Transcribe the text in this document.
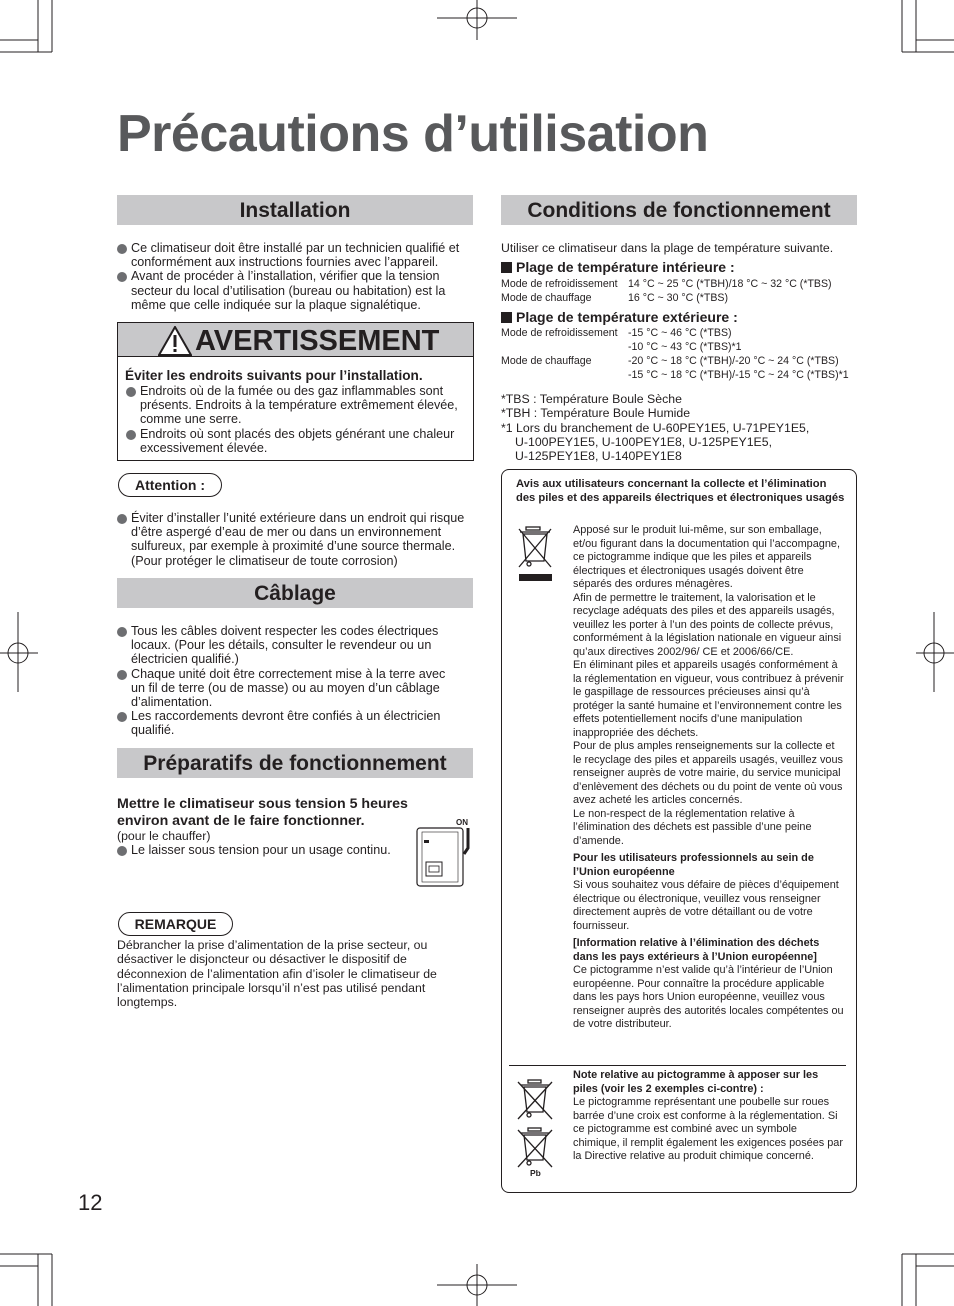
Précautions d’utilisation
Installation
Ce climatiseur doit être installé par un technicien qualifié et conformément aux instructions fournies avec l’appareil.
Avant de procéder à l’installation, vérifier que la tension secteur du local d’utilisation (bureau ou habitation) est la même que celle indiquée sur la plaque signalétique.
AVERTISSEMENT
Éviter les endroits suivants pour l’installation.
Endroits où de la fumée ou des gaz inflammables sont présents. Endroits à la température extrêmement élevée, comme une serre.
Endroits où sont placés des objets générant une chaleur excessivement élevée.
Attention :
Éviter d’installer l’unité extérieure dans un endroit qui risque d’être aspergé d’eau de mer ou dans un environnement sulfureux, par exemple à proximité d’une source thermale. (Pour protéger le climatiseur de toute corrosion)
Câblage
Tous les câbles doivent respecter les codes électriques locaux. (Pour les détails, consulter le revendeur ou un électricien qualifié.)
Chaque unité doit être correctement mise à la terre avec un fil de terre (ou de masse) ou au moyen d’un câblage d’alimentation.
Les raccordements devront être confiés à un électricien qualifié.
Préparatifs de fonctionnement
Mettre le climatiseur sous tension 5 heures environ avant de le faire fonctionner.
(pour le chauffer)
Le laisser sous tension pour un usage continu.
ON
REMARQUE
Débrancher la prise d’alimentation de la prise secteur, ou désactiver le disjoncteur ou désactiver le dispositif de déconnexion de l’alimentation afin d’isoler le climatiseur de l’alimentation principale lorsqu’il n’est pas utilisé pendant longtemps.
12
Conditions de fonctionnement
Utiliser ce climatiseur dans la plage de température suivante.
Plage de température intérieure :
Mode de refroidissement 14 °C ~ 25 °C (*TBH)/18 °C ~ 32 °C (*TBS)
Mode de chauffage	16 °C ~ 30 °C (*TBS)
Plage de température extérieure :
Mode de refroidissement -15 °C ~ 46 °C (*TBS)
-10 °C ~ 43 °C (*TBS)*1
Mode de chauffage	-20 °C ~ 18 °C (*TBH)/-20 °C ~ 24 °C (*TBS)
-15 °C ~ 18 °C (*TBH)/-15 °C ~ 24 °C (*TBS)*1
*TBS : Température Boule Sèche
*TBH : Température Boule Humide
*1 Lors du branchement de U-60PEY1E5, U-71PEY1E5,
U-100PEY1E5, U-100PEY1E8, U-125PEY1E5,
U-125PEY1E8, U-140PEY1E8
Avis aux utilisateurs concernant la collecte et l’élimination des piles et des appareils électriques et électroniques usagés
Apposé sur le produit lui-même, sur son emballage, et/ou figurant dans la documentation qui l’accompagne, ce pictogramme indique que les piles et appareils électriques et électroniques usagés doivent être séparés des ordures ménagères.
Afin de permettre le traitement, la valorisation et le recyclage adéquats des piles et des appareils usagés, veuillez les porter à l’un des points de collecte prévus, conformément à la législation nationale en vigueur ainsi qu’aux directives 2002/96/ CE et 2006/66/CE.
En éliminant piles et appareils usagés conformément à la réglementation en vigueur, vous contribuez à prévenir le gaspillage de ressources précieuses ainsi qu’à protéger la santé humaine et l’environnement contre les effets potentiellement nocifs d’une manipulation inappropriée des déchets.
Pour de plus amples renseignements sur la collecte et le recyclage des piles et appareils usagés, veuillez vous renseigner auprès de votre mairie, du service municipal d’enlèvement des déchets ou du point de vente où vous avez acheté les articles concernés.
Le non-respect de la réglementation relative à l’élimination des déchets est passible d’une peine d’amende.
Pour les utilisateurs professionnels au sein de l’Union européenne
Si vous souhaitez vous défaire de pièces d’équipement électrique ou électronique, veuillez vous renseigner directement auprès de votre détaillant ou de votre fournisseur.
[Information relative à l’élimination des déchets dans les pays extérieurs à l’Union européenne]
Ce pictogramme n’est valide qu’à l’intérieur de l’Union européenne. Pour connaître la procédure applicable dans les pays hors Union européenne, veuillez vous renseigner auprès des autorités locales compétentes ou de votre distributeur.
Pb
Note relative au pictogramme à apposer sur les piles (voir les 2 exemples ci-contre) :
Le pictogramme représentant une poubelle sur roues barrée d’une croix est conforme à la réglementation. Si ce pictogramme est combiné avec un symbole chimique, il remplit également les exigences posées par la Directive relative au produit chimique concerné.
